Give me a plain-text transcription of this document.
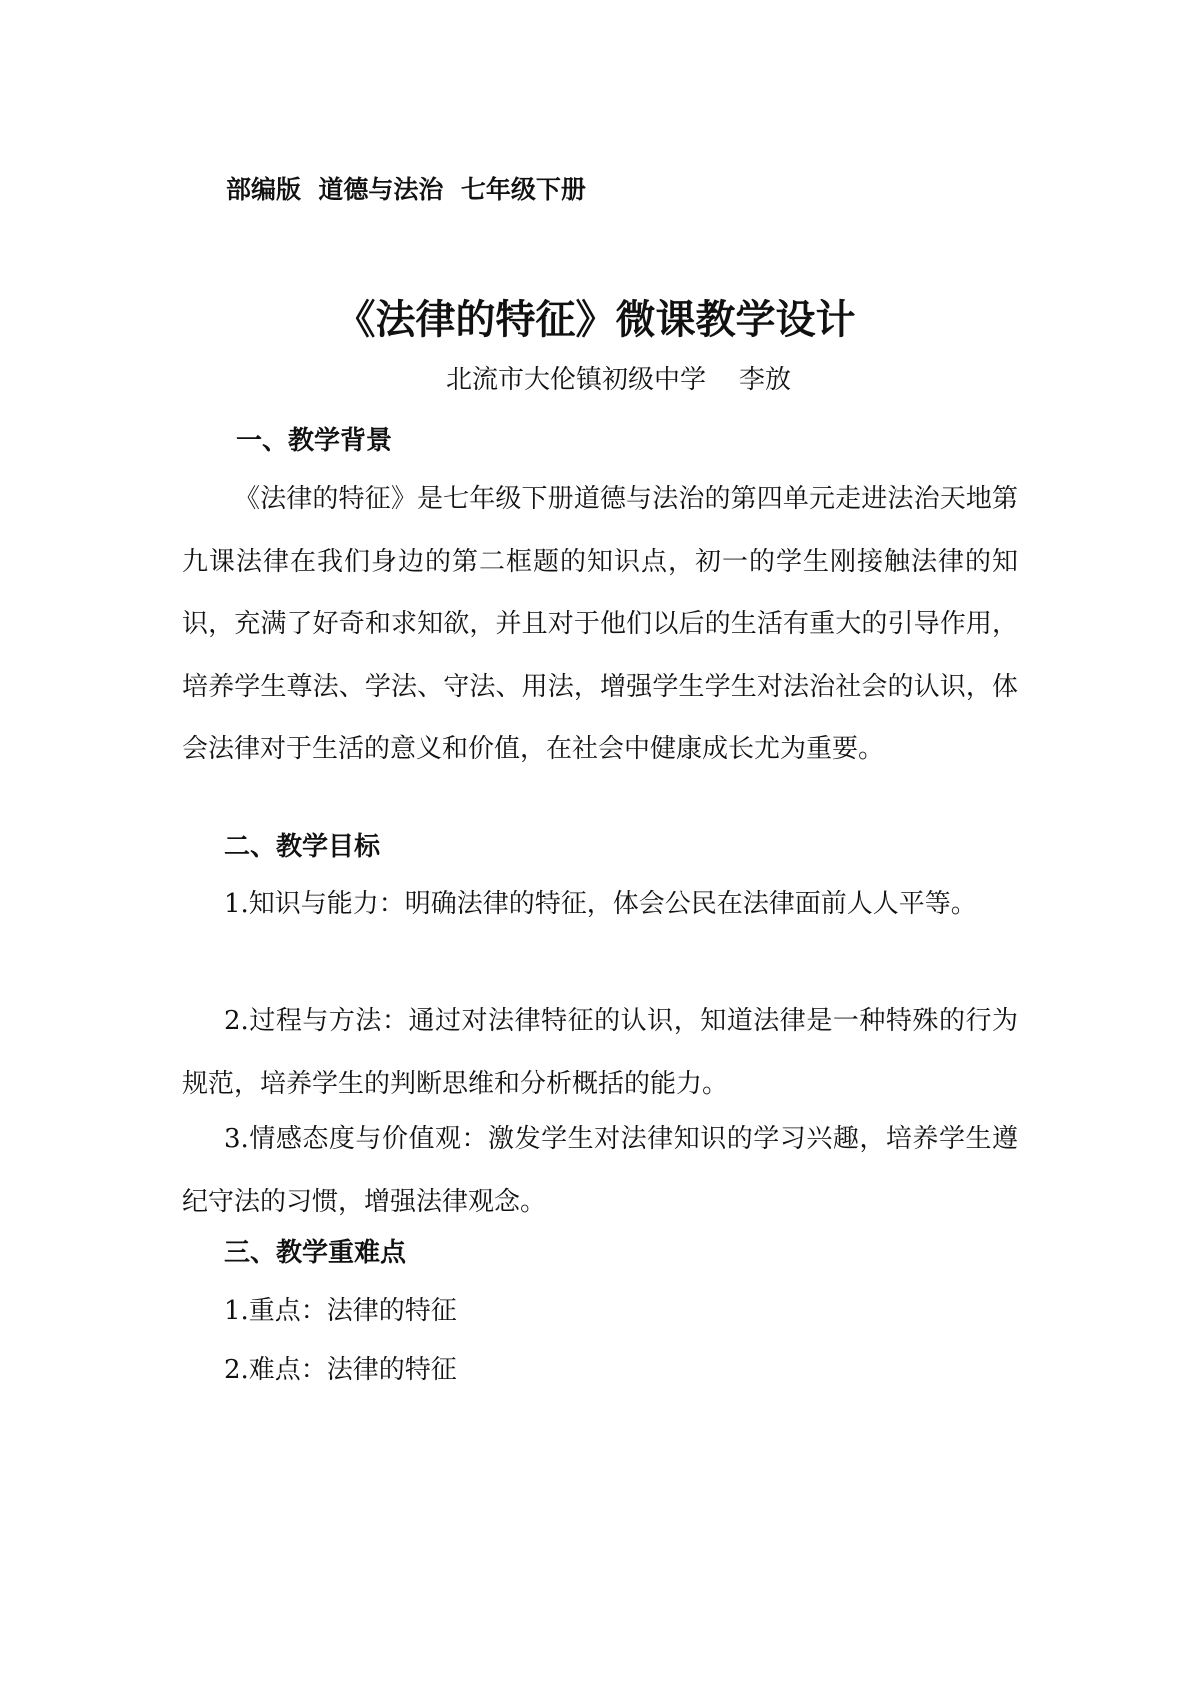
部编版  道德与法治  七年级下册
《法律的特征》微课教学设计
北流市大伦镇初级中学    李放
一、教学背景

《法律的特征》是七年级下册道德与法治的第四单元走进法治天地第九课法律在我们身边的第二框题的知识点，初一的学生刚接触法律的知识，充满了好奇和求知欲，并且对于他们以后的生活有重大的引导作用，培养学生尊法、学法、守法、用法，增强学生学生对法治社会的认识，体会法律对于生活的意义和价值，在社会中健康成长尤为重要。

二、教学目标

1.知识与能力：明确法律的特征，体会公民在法律面前人人平等。

2.过程与方法：通过对法律特征的认识，知道法律是一种特殊的行为规范，培养学生的判断思维和分析概括的能力。

3.情感态度与价值观：激发学生对法律知识的学习兴趣，培养学生遵纪守法的习惯，增强法律观念。

三、教学重难点
1.重点：法律的特征
2.难点：法律的特征
